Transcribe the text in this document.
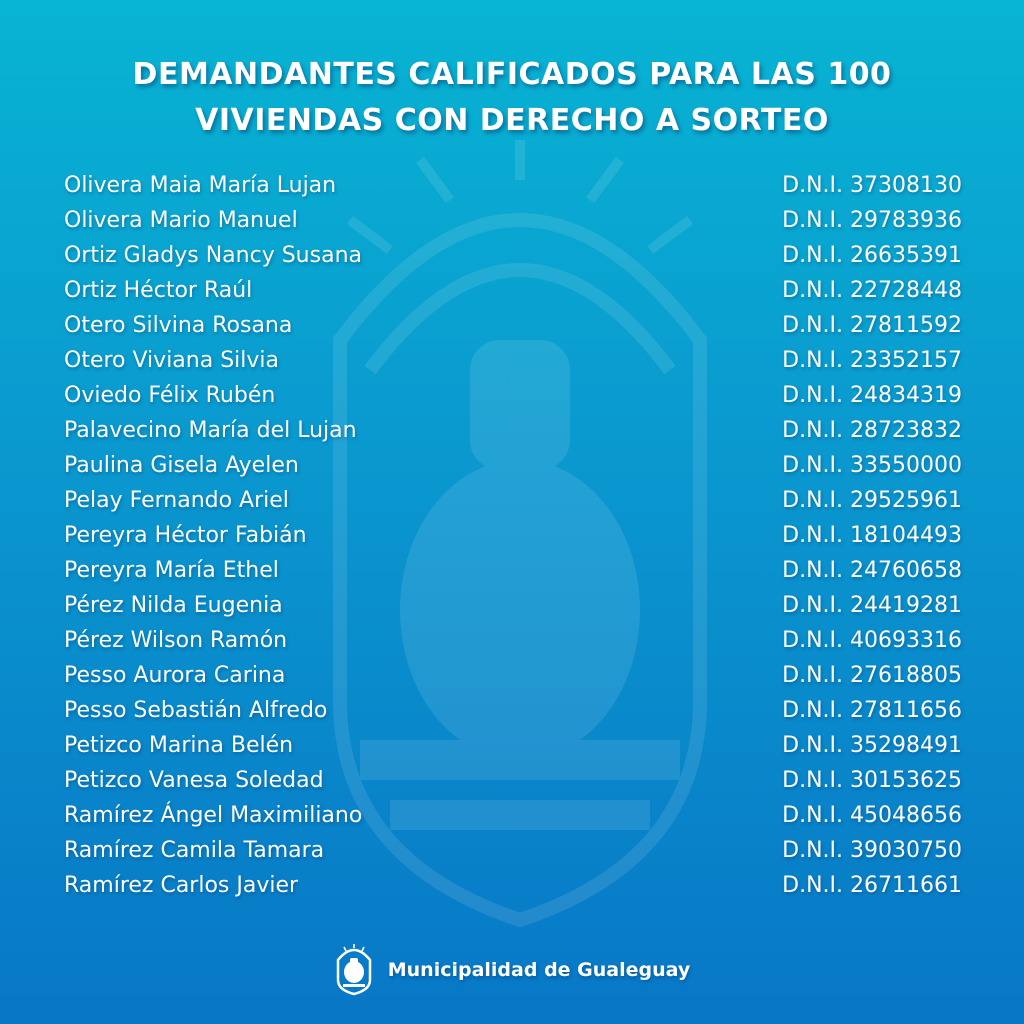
DEMANDANTES CALIFICADOS PARA LAS 100
VIVIENDAS CON DERECHO A SORTEO
Olivera Maia María Lujan	D.N.I. 37308130
Olivera Mario Manuel	D.N.I. 29783936
Ortiz Gladys Nancy Susana	D.N.I. 26635391
Ortiz Héctor Raúl	D.N.I. 22728448
Otero Silvina Rosana	D.N.I. 27811592
Otero Viviana Silvia	D.N.I. 23352157
Oviedo Félix Rubén	D.N.I. 24834319
Palavecino María del Lujan	D.N.I. 28723832
Paulina Gisela Ayelen	D.N.I. 33550000
Pelay Fernando Ariel	D.N.I. 29525961
Pereyra Héctor Fabián	D.N.I. 18104493
Pereyra María Ethel	D.N.I. 24760658
Pérez Nilda Eugenia	D.N.I. 24419281
Pérez Wilson Ramón	D.N.I. 40693316
Pesso Aurora Carina	D.N.I. 27618805
Pesso Sebastián Alfredo	D.N.I. 27811656
Petizco Marina Belén	D.N.I. 35298491
Petizco Vanesa Soledad	D.N.I. 30153625
Ramírez Ángel Maximiliano	D.N.I. 45048656
Ramírez Camila Tamara	D.N.I. 39030750
Ramírez Carlos Javier	D.N.I. 26711661
Municipalidad de Gualeguay
